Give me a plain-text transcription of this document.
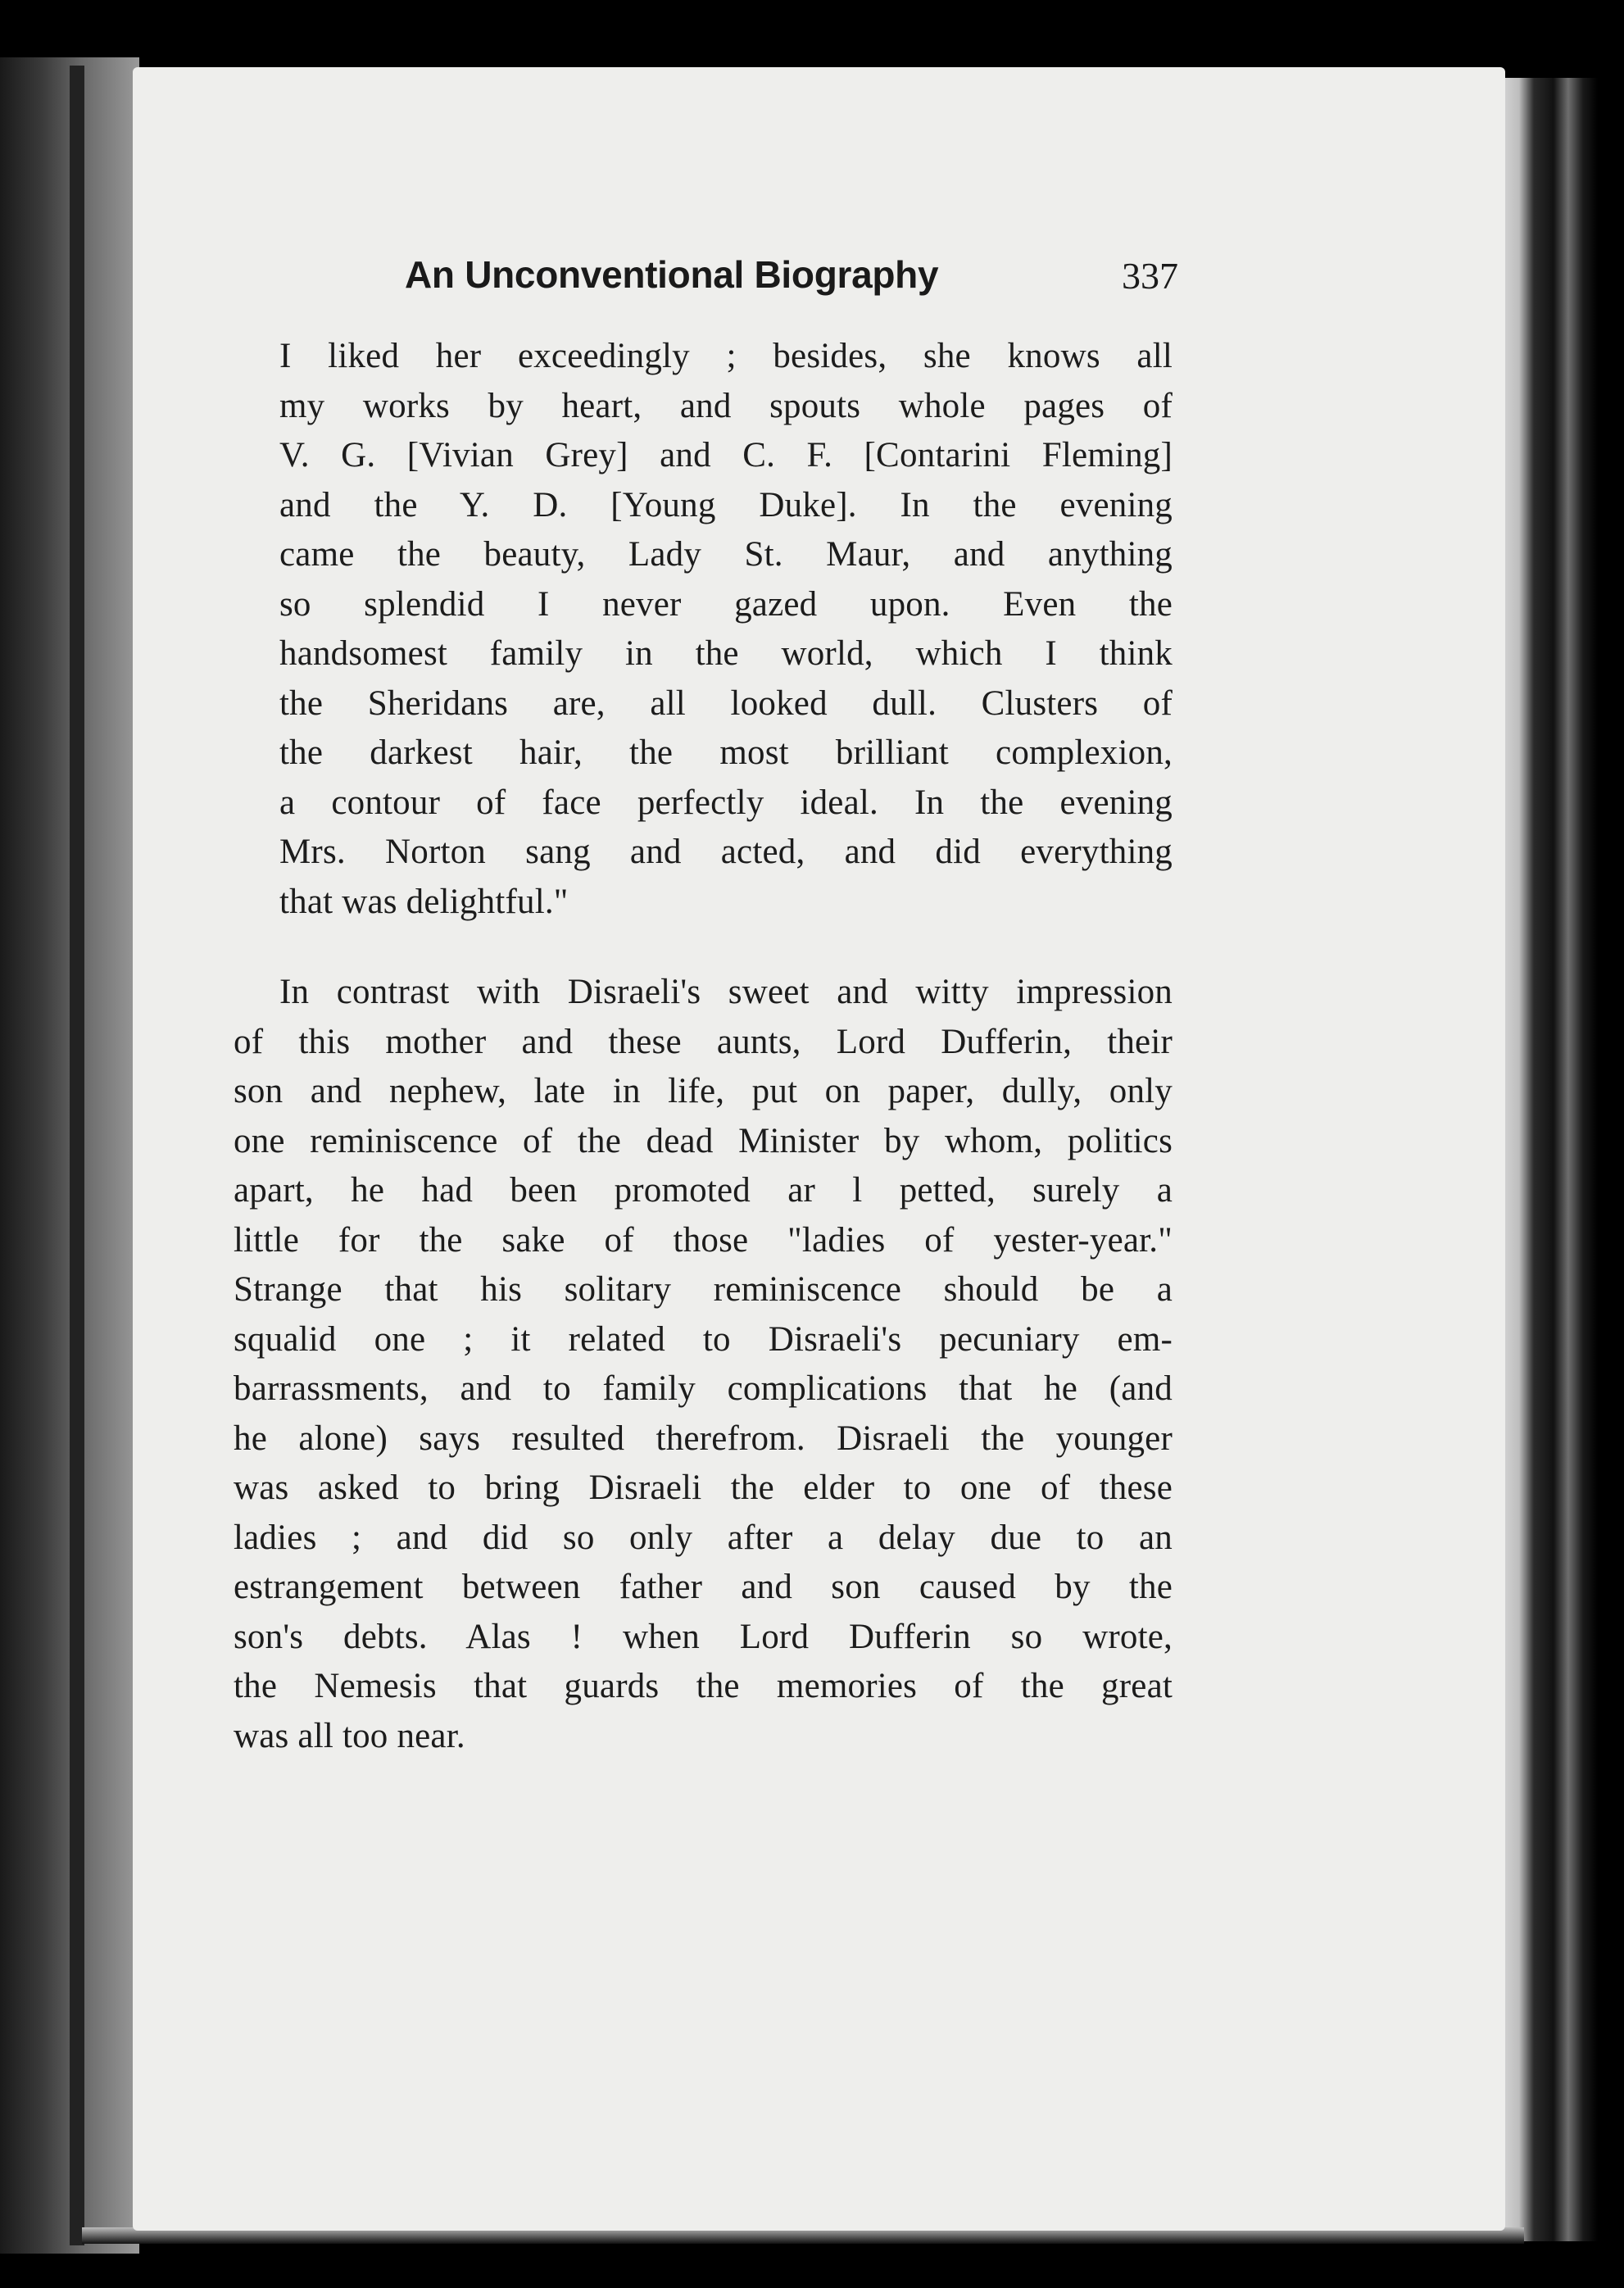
An Unconventional Biography	337
I liked her exceedingly ; besides, she knows all
my works by heart, and spouts whole pages of
V. G. [Vivian Grey] and C. F. [Contarini Fleming]
and the Y. D. [Young Duke]. In the evening
came the beauty, Lady St. Maur, and anything
so splendid I never gazed upon. Even the
handsomest family in the world, which I think
the Sheridans are, all looked dull. Clusters of
the darkest hair, the most brilliant complexion,
a contour of face perfectly ideal. In the evening
Mrs. Norton sang and acted, and did everything
that was delightful."
In contrast with Disraeli's sweet and witty impression
of this mother and these aunts, Lord Dufferin, their
son and nephew, late in life, put on paper, dully, only
one reminiscence of the dead Minister by whom, politics
apart, he had been promoted ar l petted, surely a
little for the sake of those "ladies of yester-year."
Strange that his solitary reminiscence should be a
squalid one ; it related to Disraeli's pecuniary em-
barrassments, and to family complications that he (and
he alone) says resulted therefrom. Disraeli the younger
was asked to bring Disraeli the elder to one of these
ladies ; and did so only after a delay due to an
estrangement between father and son caused by the
son's debts. Alas ! when Lord Dufferin so wrote,
the Nemesis that guards the memories of the great
was all too near.
